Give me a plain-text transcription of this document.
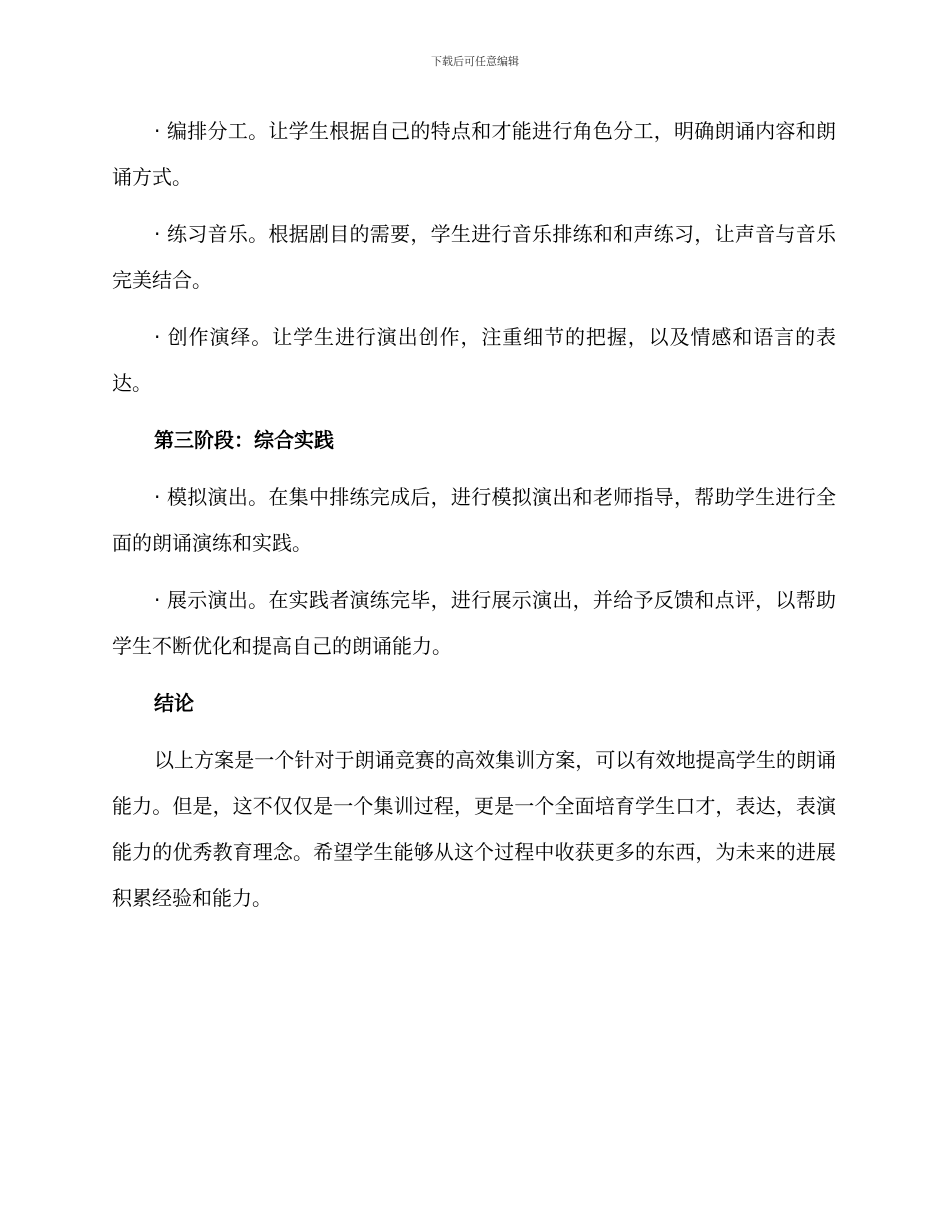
下载后可任意编辑

· 编排分工。让学生根据自己的特点和才能进行角色分工，明确朗诵内容和朗诵方式。

· 练习音乐。根据剧目的需要，学生进行音乐排练和和声练习，让声音与音乐完美结合。

· 创作演绎。让学生进行演出创作，注重细节的把握，以及情感和语言的表达。

第三阶段：综合实践

· 模拟演出。在集中排练完成后，进行模拟演出和老师指导，帮助学生进行全面的朗诵演练和实践。

· 展示演出。在实践者演练完毕，进行展示演出，并给予反馈和点评，以帮助学生不断优化和提高自己的朗诵能力。

结论

以上方案是一个针对于朗诵竞赛的高效集训方案，可以有效地提高学生的朗诵能力。但是，这不仅仅是一个集训过程，更是一个全面培育学生口才，表达，表演能力的优秀教育理念。希望学生能够从这个过程中收获更多的东西，为未来的进展积累经验和能力。
